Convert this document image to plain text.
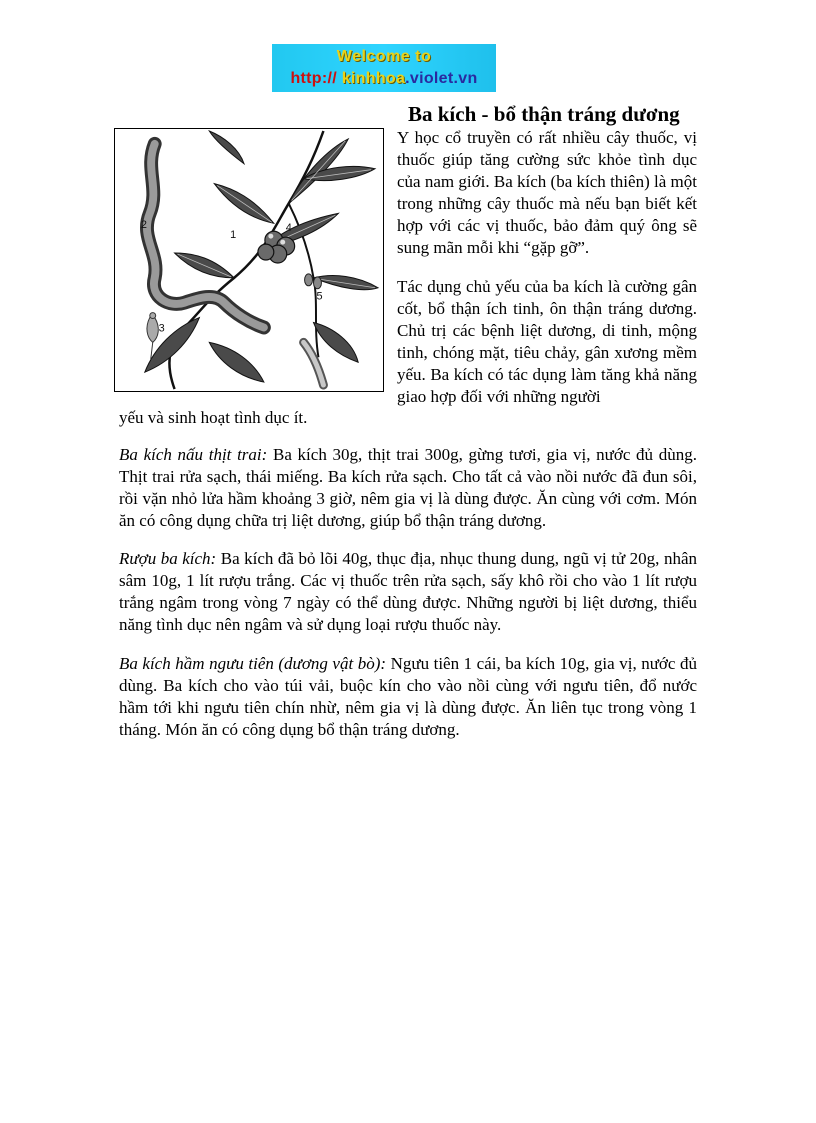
Welcome to
http:// kinhhoa.violet.vn
Ba kích - bổ thận tráng dương
1
2
3
4
5

Y học cổ truyền có rất nhiều cây thuốc, vị thuốc giúp tăng cường sức khỏe tình dục của nam giới. Ba kích (ba kích thiên) là một trong những cây thuốc mà nếu bạn biết kết hợp với các vị thuốc, bảo đảm quý ông sẽ sung mãn mỗi khi “gặp gỡ”.

Tác dụng chủ yếu của ba kích là cường gân cốt, bổ thận ích tinh, ôn thận tráng dương. Chủ trị các bệnh liệt dương, di tinh, mộng tinh, chóng mặt, tiêu chảy, gân xương mềm yếu. Ba kích có tác dụng làm tăng khả năng giao hợp đối với những người

yếu và sinh hoạt tình dục ít.

Ba kích nấu thịt trai: Ba kích 30g, thịt trai 300g, gừng tươi, gia vị, nước đủ dùng. Thịt trai rửa sạch, thái miếng. Ba kích rửa sạch. Cho tất cả vào nồi nước đã đun sôi, rồi vặn nhỏ lửa hầm khoảng 3 giờ, nêm gia vị là dùng được. Ăn cùng với cơm. Món ăn có công dụng chữa trị liệt dương, giúp bổ thận tráng dương.

Rượu ba kích: Ba kích đã bỏ lõi 40g, thục địa, nhục thung dung, ngũ vị tử 20g, nhân sâm 10g, 1 lít rượu trắng. Các vị thuốc trên rửa sạch, sấy khô rồi cho vào 1 lít rượu trắng ngâm trong vòng 7 ngày có thể dùng được. Những người bị liệt dương, thiểu năng tình dục nên ngâm và sử dụng loại rượu thuốc này.

Ba kích hầm ngưu tiên (dương vật bò): Ngưu tiên 1 cái, ba kích 10g, gia vị, nước đủ dùng. Ba kích cho vào túi vải, buộc kín cho vào nồi cùng với ngưu tiên, đổ nước hầm tới khi ngưu tiên chín nhừ, nêm gia vị là dùng được. Ăn liên tục trong vòng 1 tháng. Món ăn có công dụng bổ thận tráng dương.
